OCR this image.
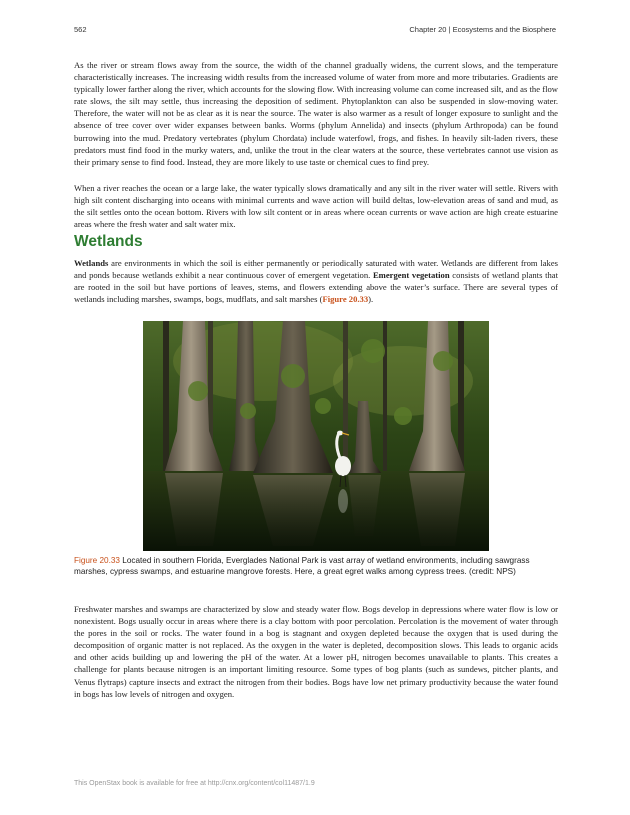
562	Chapter 20 | Ecosystems and the Biosphere

As the river or stream flows away from the source, the width of the channel gradually widens, the current slows, and the temperature characteristically increases. The increasing width results from the increased volume of water from more and more tributaries. Gradients are typically lower farther along the river, which accounts for the slowing flow. With increasing volume can come increased silt, and as the flow rate slows, the silt may settle, thus increasing the deposition of sediment. Phytoplankton can also be suspended in slow-moving water. Therefore, the water will not be as clear as it is near the source. The water is also warmer as a result of longer exposure to sunlight and the absence of tree cover over wider expanses between banks. Worms (phylum Annelida) and insects (phylum Arthropoda) can be found burrowing into the mud. Predatory vertebrates (phylum Chordata) include waterfowl, frogs, and fishes. In heavily silt-laden rivers, these predators must find food in the murky waters, and, unlike the trout in the clear waters at the source, these vertebrates cannot use vision as their primary sense to find food. Instead, they are more likely to use taste or chemical cues to find prey.

When a river reaches the ocean or a large lake, the water typically slows dramatically and any silt in the river water will settle. Rivers with high silt content discharging into oceans with minimal currents and wave action will build deltas, low-elevation areas of sand and mud, as the silt settles onto the ocean bottom. Rivers with low silt content or in areas where ocean currents or wave action are high create estuarine areas where the fresh water and salt water mix.

Wetlands

Wetlands are environments in which the soil is either permanently or periodically saturated with water. Wetlands are different from lakes and ponds because wetlands exhibit a near continuous cover of emergent vegetation. Emergent vegetation consists of wetland plants that are rooted in the soil but have portions of leaves, stems, and flowers extending above the water’s surface. There are several types of wetlands including marshes, swamps, bogs, mudflats, and salt marshes (Figure 20.33).

Figure 20.33 Located in southern Florida, Everglades National Park is vast array of wetland environments, including sawgrass marshes, cypress swamps, and estuarine mangrove forests. Here, a great egret walks among cypress trees. (credit: NPS)

Freshwater marshes and swamps are characterized by slow and steady water flow. Bogs develop in depressions where water flow is low or nonexistent. Bogs usually occur in areas where there is a clay bottom with poor percolation. Percolation is the movement of water through the pores in the soil or rocks. The water found in a bog is stagnant and oxygen depleted because the oxygen that is used during the decomposition of organic matter is not replaced. As the oxygen in the water is depleted, decomposition slows. This leads to organic acids and other acids building up and lowering the pH of the water. At a lower pH, nitrogen becomes unavailable to plants. This creates a challenge for plants because nitrogen is an important limiting resource. Some types of bog plants (such as sundews, pitcher plants, and Venus flytraps) capture insects and extract the nitrogen from their bodies. Bogs have low net primary productivity because the water found in bogs has low levels of nitrogen and oxygen.

This OpenStax book is available for free at http://cnx.org/content/col11487/1.9
